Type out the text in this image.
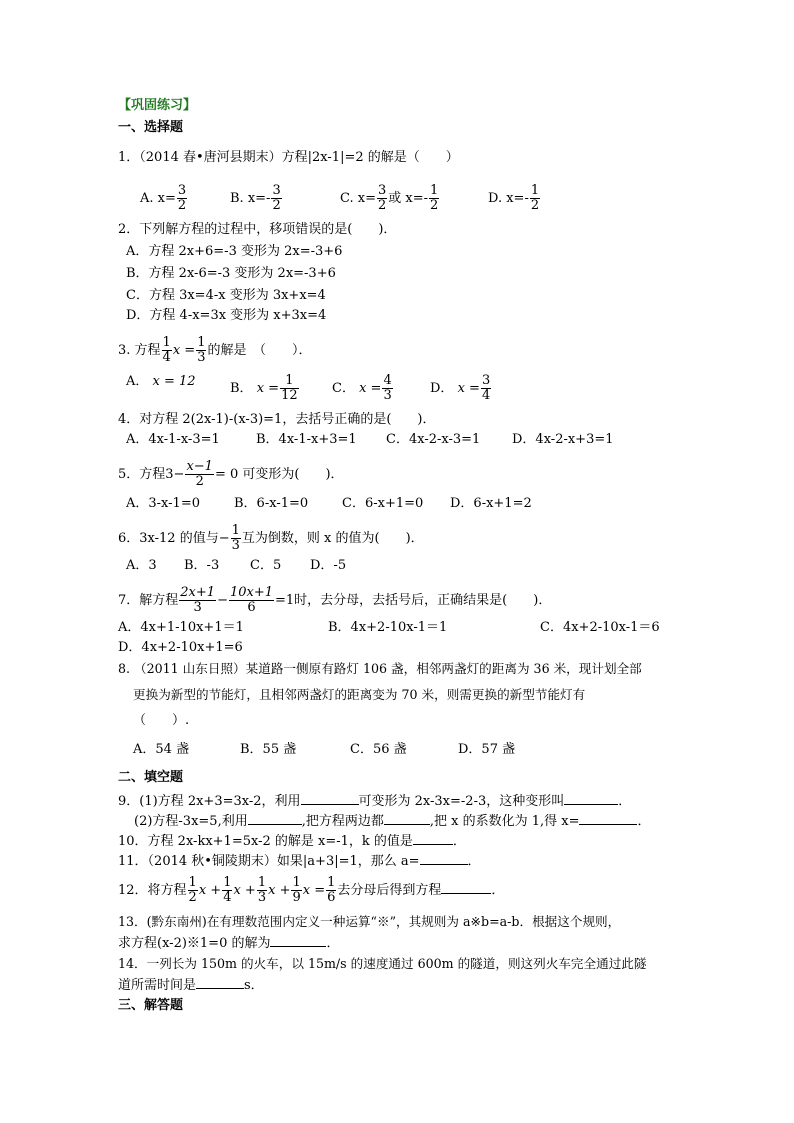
【巩固练习】
一、选择题
1．（2014 春•唐河县期末）方程|2x-1|=2 的解是（　　）
A. $x= \frac{3}{2}$	B. $x=- \frac{3}{2}$	C. $x= \frac{3}{2}$ 或 $x=- \frac{1}{2}$	D. $x=- \frac{1}{2}$
2．下列解方程的过程中，移项错误的是(　　)．
A．方程 2x+6=-3 变形为 2x=-3+6
B．方程 2x-6=-3 变形为 2x=-3+6
C．方程 3x=4-x 变形为 3x+x=4
D．方程 4-x=3x 变形为 x+3x=4
3. 方程 $\frac{1}{4}$ $x = \frac{1}{3}$ 的解是　（　　）．
A． x = 12	B． $x = \frac{1}{12}$	C． $x = \frac{4}{3}$	D． $x = \frac{3}{4}$
4．对方程 2(2x-1)-(x-3)=1，去括号正确的是(　　)．
A．4x-1-x-3=1	B．4x-1-x+3=1 C．4x-2-x-3=1 D．4x-2-x+3=1
5．方程$3- \frac{x-1}{2} = 0$ 可变形为(　　)．
A．3-x-1=0	B．6-x-1=0	C．6-x+1=0 D．6-x+1=2
6．3x-12 的值与− $\frac{1}{3}$ 互为倒数，则 x 的值为(　　)．
A．3 B．-3 C．5 D．-5
7．解方程 $\frac{2x+1}{3} - \frac{10x+1}{6} =1$时，去分母，去括号后，正确结果是(　　)．
A．4x+1-10x+1＝1	B．4x+2-10x-1＝1	C．4x+2-10x-1＝6
D．4x+2-10x+1=6
8. （2011 山东日照）某道路一侧原有路灯 106 盏，相邻两盏灯的距离为 36 米，现计划全部
更换为新型的节能灯，且相邻两盏灯的距离变为 70 米，则需更换的新型节能灯有
（　　）.
A．54 盏	B．55 盏	C．56 盏	D．57 盏
二、填空题
9．(1)方程 2x+3=3x-2，利用	可变形为 2x-3x=-2-3，这种变形叫	．
(2)方程-3x=5,利用	,把方程两边都	,把 x 的系数化为 1,得 x=	．
10．方程 2x-kx+1=5x-2 的解是 x=-1，k 的值是	．
11．（2014 秋•铜陵期末）如果|a+3|=1，那么 a=	．
12．将方程 $\frac{1}{2}$ $x + \frac{1}{4}$ $x + \frac{1}{3}$ $x + \frac{1}{9}$ $x = \frac{1}{6}$ 去分母后得到方程	．
13．(黔东南州)在有理数范围内定义一种运算“※”，其规则为 a※b=a-b．根据这个规则，
求方程(x-2)※1=0 的解为	．
14．一列长为 150m 的火车，以 15m/s 的速度通过 600m 的隧道，则这列火车完全通过此隧
道所需时间是	s．
三、解答题
